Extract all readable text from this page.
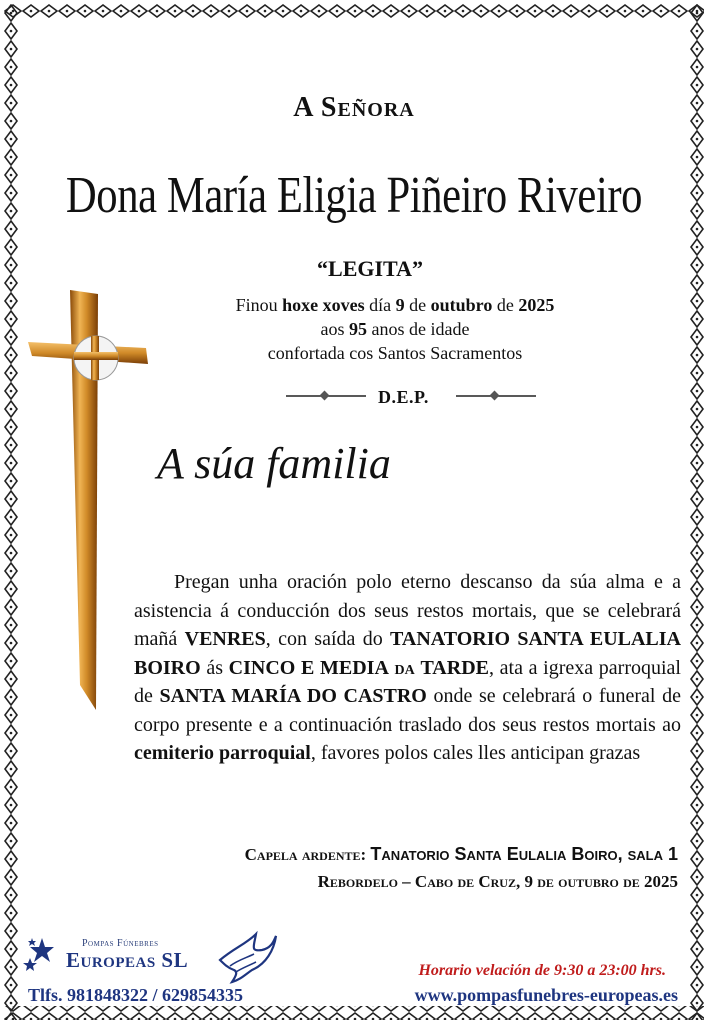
A Señora
Dona María Eligia Piñeiro Riveiro
“LEGITA”
Finou hoxe xoves día 9 de outubro de 2025
aos 95 anos de idade
confortada cos Santos Sacramentos
D.E.P.
A súa familia
Pregan unha oración polo eterno descanso da súa alma e a asistencia á conducción dos seus restos mortais, que se celebrará mañá VENRES, con saída do TANATORIO SANTA EULALIA BOIRO ás CINCO E MEDIA da TARDE, ata a igrexa parroquial de SANTA MARÍA DO CASTRO onde se celebrará o funeral de corpo presente e a continuación traslado dos seus restos mortais ao cemiterio parroquial, favores polos cales lles anticipan grazas
Capela ardente: Tanatorio Santa Eulalia Boiro, sala 1
Rebordelo – Cabo de Cruz, 9 de outubro de 2025
Pompas Fúnebres
Europeas SL
Tlfs. 981848322 / 629854335
Horario velación de 9:30 a 23:00 hrs.
www.pompasfunebres-europeas.es
